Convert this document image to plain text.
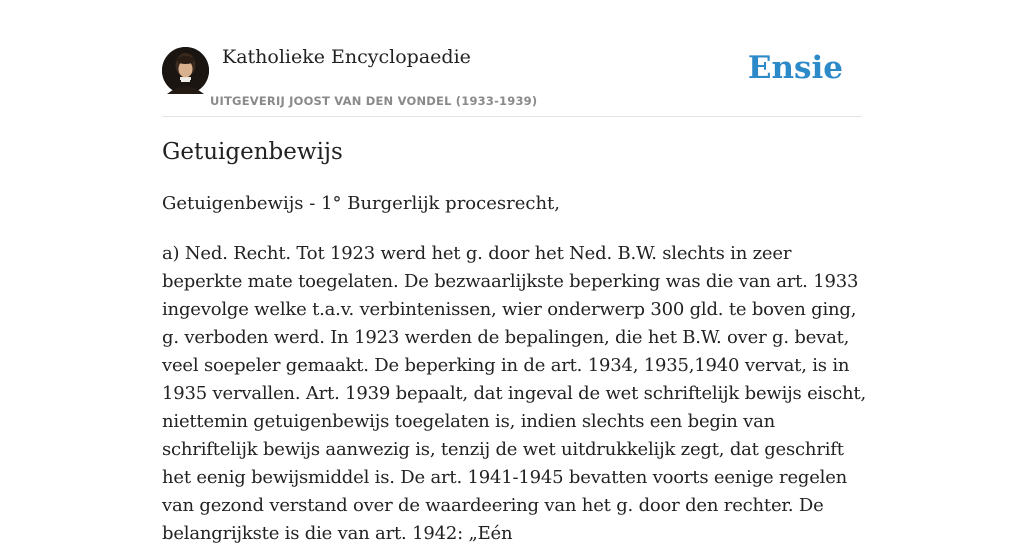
Katholieke Encyclopaedie
UITGEVERIJ JOOST VAN DEN VONDEL (1933-1939)
Ensie
Getuigenbewijs

Getuigenbewijs - 1° Burgerlijk procesrecht,

a) Ned. Recht. Tot 1923 werd het g. door het Ned. B.W. slechts in zeer beperkte mate toegelaten. De bezwaarlijkste beperking was die van art. 1933 ingevolge welke t.a.v. verbintenissen, wier onderwerp 300 gld. te boven ging, g. verboden werd. In 1923 werden de bepalingen, die het B.W. over g. bevat, veel soepeler gemaakt. De beperking in de art. 1934, 1935,1940 vervat, is in 1935 vervallen. Art. 1939 bepaalt, dat ingeval de wet schriftelijk bewijs eischt, niettemin getuigenbewijs toegelaten is, indien slechts een begin van schriftelijk bewijs aanwezig is, tenzij de wet uitdrukkelijk zegt, dat geschrift het eenig bewijsmiddel is. De art. 1941-1945 bevatten voorts eenige regelen van gezond verstand over de waardeering van het g. door den rechter. De belangrijkste is die van art. 1942: „Eén
